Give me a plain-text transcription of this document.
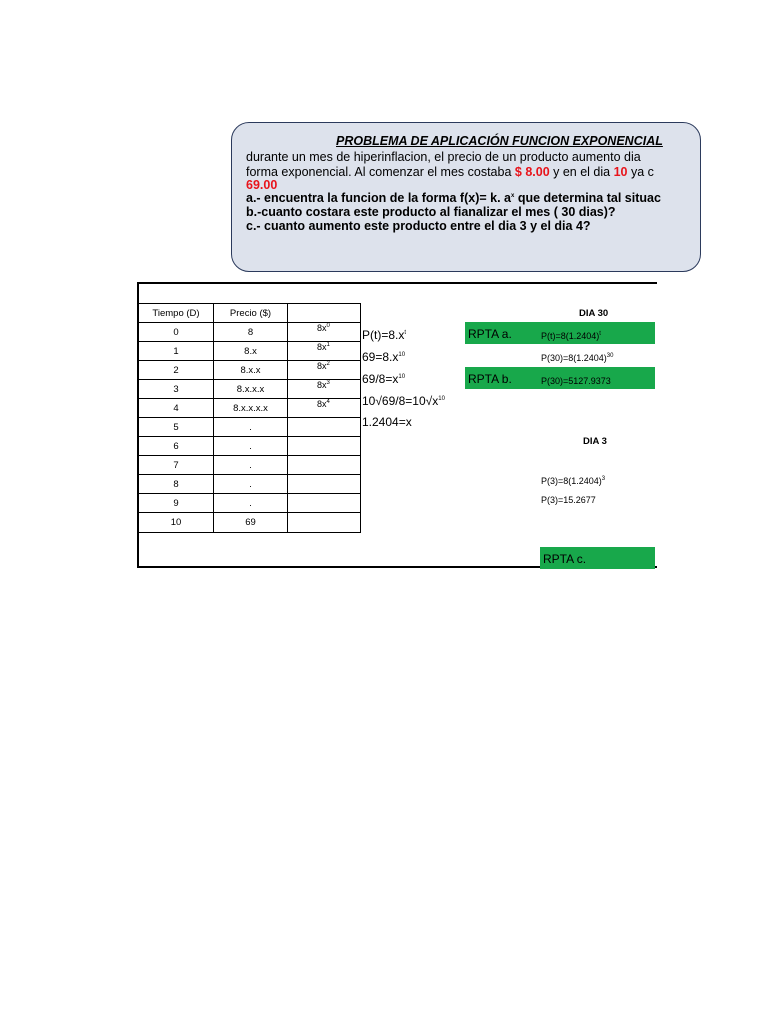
PROBLEMA DE APLICACIÓN FUNCION EXPONENCIAL
durante un mes de hiperinflacion, el precio de un producto aumento dia
forma exponencial. Al comenzar el mes costaba $ 8.00 y en el dia 10 ya c
69.00
a.- encuentra la funcion de la forma f(x)= k. $a^x$ que determina tal situac
b.-cuanto costara este producto al fianalizar el mes ( 30 dias)?
c.- cuanto aumento este producto entre el dia 3 y el dia 4?
Tiempo (D)	Precio ($)	
0	8	$8x^0$
1	8.x	$8x^1$
2	8.x.x	$8x^2$
3	8.x.x.x	$8x^3$
4	8.x.x.x.x	$8x^4$
5	.	
6	.	
7	.	
8	.	
9	.	
10	69	
$P(t)=8.x^t$
$69=8.x^{10}$
$69/8=x^{10}$
$10√69/8=10√x^{10}$
1.2404=x
DIA 30
RPTA a.	$P(t)=8(1.2404)^t$
$P(30)=8(1.2404)^{30}$
RPTA b.	P(30)=5127.9373
DIA 3
$P(3)=8(1.2404)^3$
P(3)=15.2677
RPTA c.
